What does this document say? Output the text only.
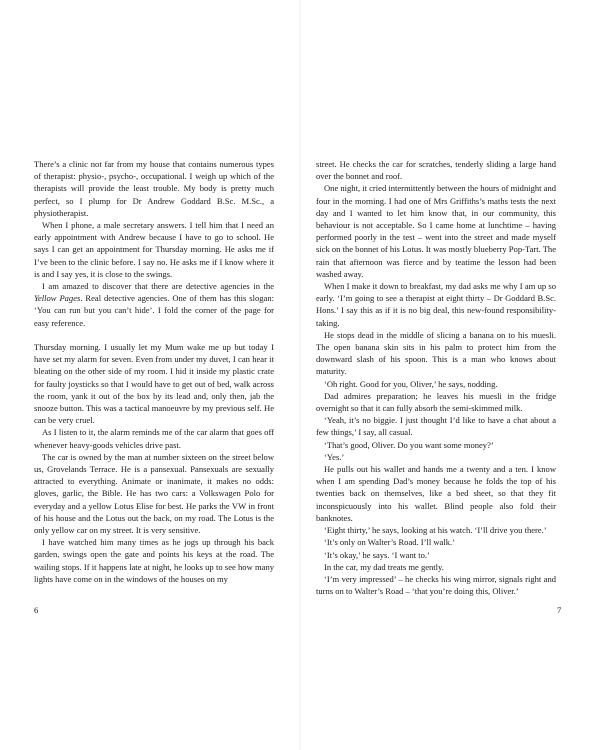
There’s a clinic not far from my house that contains numerous types of therapist: physio-, psycho-, occupational. I weigh up which of the therapists will provide the least trouble. My body is pretty much perfect, so I plump for Dr Andrew Goddard B.Sc. M.Sc., a physiotherapist.

When I phone, a male secretary answers. I tell him that I need an early appointment with Andrew because I have to go to school. He says I can get an appointment for Thursday morning. He asks me if I’ve been to the clinic before. I say no. He asks me if I know where it is and I say yes, it is close to the swings.

I am amazed to discover that there are detective agencies in the Yellow Pages. Real detective agencies. One of them has this slogan: ‘You can run but you can’t hide’. I fold the corner of the page for easy reference.

Thursday morning. I usually let my Mum wake me up but today I have set my alarm for seven. Even from under my duvet, I can hear it bleating on the other side of my room. I hid it inside my plastic crate for faulty joysticks so that I would have to get out of bed, walk across the room, yank it out of the box by its lead and, only then, jab the snooze button. This was a tactical manoeuvre by my previous self. He can be very cruel.

As I listen to it, the alarm reminds me of the car alarm that goes off whenever heavy-goods vehicles drive past.

The car is owned by the man at number sixteen on the street below us, Grovelands Terrace. He is a pansexual. Pansexuals are sexually attracted to everything. Animate or inanimate, it makes no odds: gloves, garlic, the Bible. He has two cars: a Volkswagen Polo for everyday and a yellow Lotus Elise for best. He parks the VW in front of his house and the Lotus out the back, on my road. The Lotus is the only yellow car on my street. It is very sensitive.

I have watched him many times as he jogs up through his back garden, swings open the gate and points his keys at the road. The wailing stops. If it happens late at night, he looks up to see how many lights have come on in the windows of the houses on my

6

street. He checks the car for scratches, tenderly sliding a large hand over the bonnet and roof.

One night, it cried intermittently between the hours of midnight and four in the morning. I had one of Mrs Griffiths’s maths tests the next day and I wanted to let him know that, in our community, this behaviour is not acceptable. So I came home at lunchtime – having performed poorly in the test – went into the street and made myself sick on the bonnet of his Lotus. It was mostly blueberry Pop-Tart. The rain that afternoon was fierce and by teatime the lesson had been washed away.

When I make it down to breakfast, my dad asks me why I am up so early. ‘I’m going to see a therapist at eight thirty – Dr Goddard B.Sc. Hons.’ I say this as if it is no big deal, this new-found responsibility-taking.

He stops dead in the middle of slicing a banana on to his muesli. The open banana skin sits in his palm to protect him from the downward slash of his spoon. This is a man who knows about maturity.

‘Oh right. Good for you, Oliver,’ he says, nodding.

Dad admires preparation; he leaves his muesli in the fridge overnight so that it can fully absorb the semi-skimmed milk.

‘Yeah, it’s no biggie. I just thought I’d like to have a chat about a few things,’ I say, all casual.

‘That’s good, Oliver. Do you want some money?’

‘Yes.’

He pulls out his wallet and hands me a twenty and a ten. I know when I am spending Dad’s money because he folds the top of his twenties back on themselves, like a bed sheet, so that they fit inconspicuously into his wallet. Blind people also fold their banknotes.

‘Eight thirty,’ he says, looking at his watch. ‘I’ll drive you there.’

‘It’s only on Walter’s Road. I’ll walk.’

‘It’s okay,’ he says. ‘I want to.’

In the car, my dad treats me gently.

‘I’m very impressed’ – he checks his wing mirror, signals right and turns on to Walter’s Road – ‘that you’re doing this, Oliver.’

7
